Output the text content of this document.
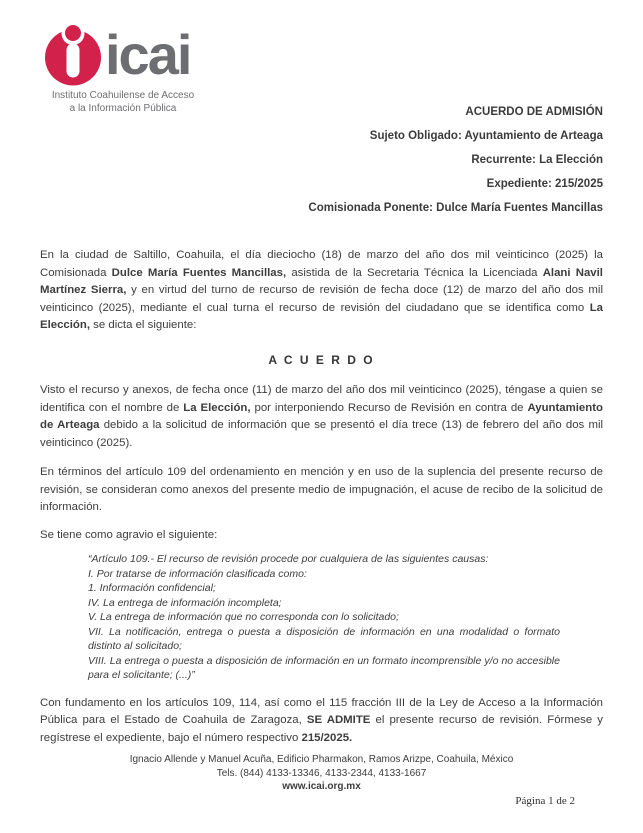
icai
Instituto Coahuilense de Acceso
a la Información Pública	ACUERDO DE ADMISIÓN
Sujeto Obligado: Ayuntamiento de Arteaga
Recurrente: La Elección
Expediente: 215/2025
Comisionada Ponente: Dulce María Fuentes Mancillas

En la ciudad de Saltillo, Coahuila, el día dieciocho (18) de marzo del año dos mil veinticinco (2025) la Comisionada Dulce María Fuentes Mancillas, asistida de la Secretaria Técnica la Licenciada Alani Navil Martínez Sierra, y en virtud del turno de recurso de revisión de fecha doce (12) de marzo del año dos mil veinticinco (2025), mediante el cual turna el recurso de revisión del ciudadano que se identifica como La Elección, se dicta el siguiente:

A C U E R D O

Visto el recurso y anexos, de fecha once (11) de marzo del año dos mil veinticinco (2025), téngase a quien se identifica con el nombre de La Elección, por interponiendo Recurso de Revisión en contra de Ayuntamiento de Arteaga debido a la solicitud de información que se presentó el día trece (13) de febrero del año dos mil veinticinco (2025).

En términos del artículo 109 del ordenamiento en mención y en uso de la suplencia del presente recurso de revisión, se consideran como anexos del presente medio de impugnación, el acuse de recibo de la solicitud de información.

Se tiene como agravio el siguiente:

“Artículo 109.- El recurso de revisión procede por cualquiera de las siguientes causas:
I. Por tratarse de información clasificada como:
1. Información confidencial;
IV. La entrega de información incompleta;
V. La entrega de información que no corresponda con lo solicitado;
VII. La notificación, entrega o puesta a disposición de información en una modalidad o formato distinto al solicitado;
VIII. La entrega o puesta a disposición de información en un formato incomprensible y/o no accesible para el solicitante; (...)”

Con fundamento en los artículos 109, 114, así como el 115 fracción III de la Ley de Acceso a la Información Pública para el Estado de Coahuila de Zaragoza, SE ADMITE el presente recurso de revisión. Fórmese y regístrese el expediente, bajo el número respectivo 215/2025.

Ignacio Allende y Manuel Acuña, Edificio Pharmakon, Ramos Arizpe, Coahuila, México
Tels. (844) 4133-13346, 4133-2344, 4133-1667
www.icai.org.mx
Página 1 de 2
